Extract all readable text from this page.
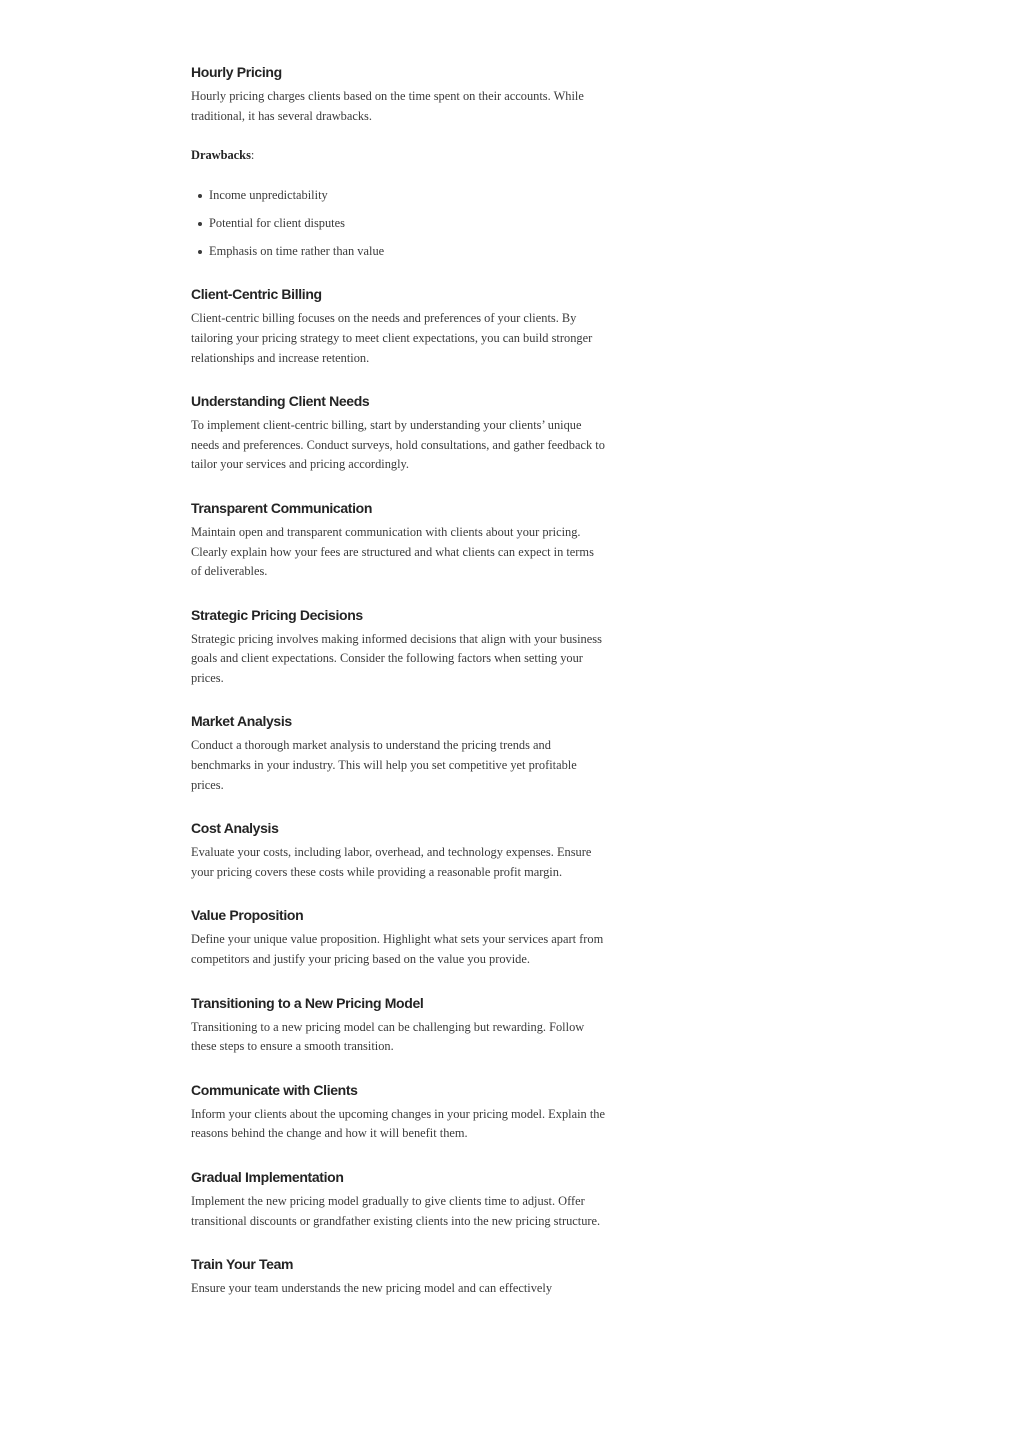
Hourly Pricing

Hourly pricing charges clients based on the time spent on their accounts. While traditional, it has several drawbacks.

Drawbacks:

Income unpredictability
Potential for client disputes
Emphasis on time rather than value
Client-Centric Billing

Client-centric billing focuses on the needs and preferences of your clients. By tailoring your pricing strategy to meet client expectations, you can build stronger relationships and increase retention.

Understanding Client Needs

To implement client-centric billing, start by understanding your clients’ unique needs and preferences. Conduct surveys, hold consultations, and gather feedback to tailor your services and pricing accordingly.

Transparent Communication

Maintain open and transparent communication with clients about your pricing. Clearly explain how your fees are structured and what clients can expect in terms of deliverables.

Strategic Pricing Decisions

Strategic pricing involves making informed decisions that align with your business goals and client expectations. Consider the following factors when setting your prices.

Market Analysis

Conduct a thorough market analysis to understand the pricing trends and benchmarks in your industry. This will help you set competitive yet profitable prices.

Cost Analysis

Evaluate your costs, including labor, overhead, and technology expenses. Ensure your pricing covers these costs while providing a reasonable profit margin.

Value Proposition

Define your unique value proposition. Highlight what sets your services apart from competitors and justify your pricing based on the value you provide.

Transitioning to a New Pricing Model

Transitioning to a new pricing model can be challenging but rewarding. Follow these steps to ensure a smooth transition.

Communicate with Clients

Inform your clients about the upcoming changes in your pricing model. Explain the reasons behind the change and how it will benefit them.

Gradual Implementation

Implement the new pricing model gradually to give clients time to adjust. Offer transitional discounts or grandfather existing clients into the new pricing structure.

Train Your Team

Ensure your team understands the new pricing model and can effectively
